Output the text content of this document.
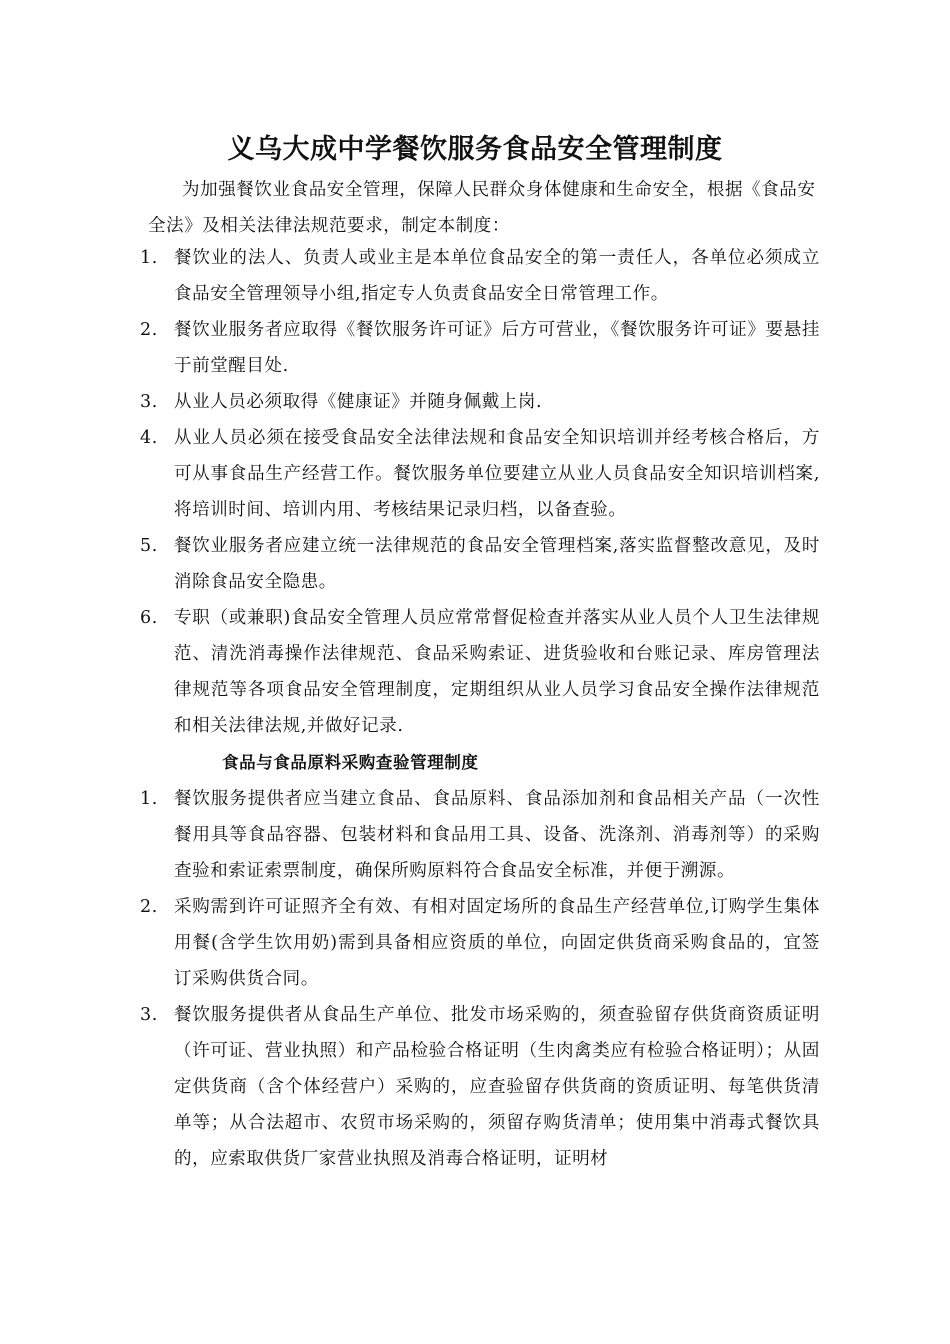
义乌大成中学餐饮服务食品安全管理制度
为加强餐饮业食品安全管理，保障人民群众身体健康和生命安全，根据《食品安全法》及相关法律法规范要求，制定本制度：
1. 餐饮业的法人、负责人或业主是本单位食品安全的第一责任人，各单位必须成立食品安全管理领导小组,指定专人负责食品安全日常管理工作。
2. 餐饮业服务者应取得《餐饮服务许可证》后方可营业，《餐饮服务许可证》要悬挂于前堂醒目处.
3. 从业人员必须取得《健康证》并随身佩戴上岗.
4. 从业人员必须在接受食品安全法律法规和食品安全知识培训并经考核合格后，方可从事食品生产经营工作。餐饮服务单位要建立从业人员食品安全知识培训档案,将培训时间、培训内用、考核结果记录归档，以备查验。
5. 餐饮业服务者应建立统一法律规范的食品安全管理档案,落实监督整改意见，及时消除食品安全隐患。
6. 专职（或兼职)食品安全管理人员应常常督促检查并落实从业人员个人卫生法律规范、清洗消毒操作法律规范、食品采购索证、进货验收和台账记录、库房管理法律规范等各项食品安全管理制度，定期组织从业人员学习食品安全操作法律规范和相关法律法规,并做好记录.
食品与食品原料采购查验管理制度
1. 餐饮服务提供者应当建立食品、食品原料、食品添加剂和食品相关产品（一次性餐用具等食品容器、包装材料和食品用工具、设备、洗涤剂、消毒剂等）的采购查验和索证索票制度，确保所购原料符合食品安全标准，并便于溯源。
2. 采购需到许可证照齐全有效、有相对固定场所的食品生产经营单位,订购学生集体用餐(含学生饮用奶)需到具备相应资质的单位，向固定供货商采购食品的，宜签订采购供货合同。
3. 餐饮服务提供者从食品生产单位、批发市场采购的，须查验留存供货商资质证明（许可证、营业执照）和产品检验合格证明（生肉禽类应有检验合格证明）；从固定供货商（含个体经营户）采购的，应查验留存供货商的资质证明、每笔供货清单等；从合法超市、农贸市场采购的，须留存购货清单；使用集中消毒式餐饮具的，应索取供货厂家营业执照及消毒合格证明，证明材
